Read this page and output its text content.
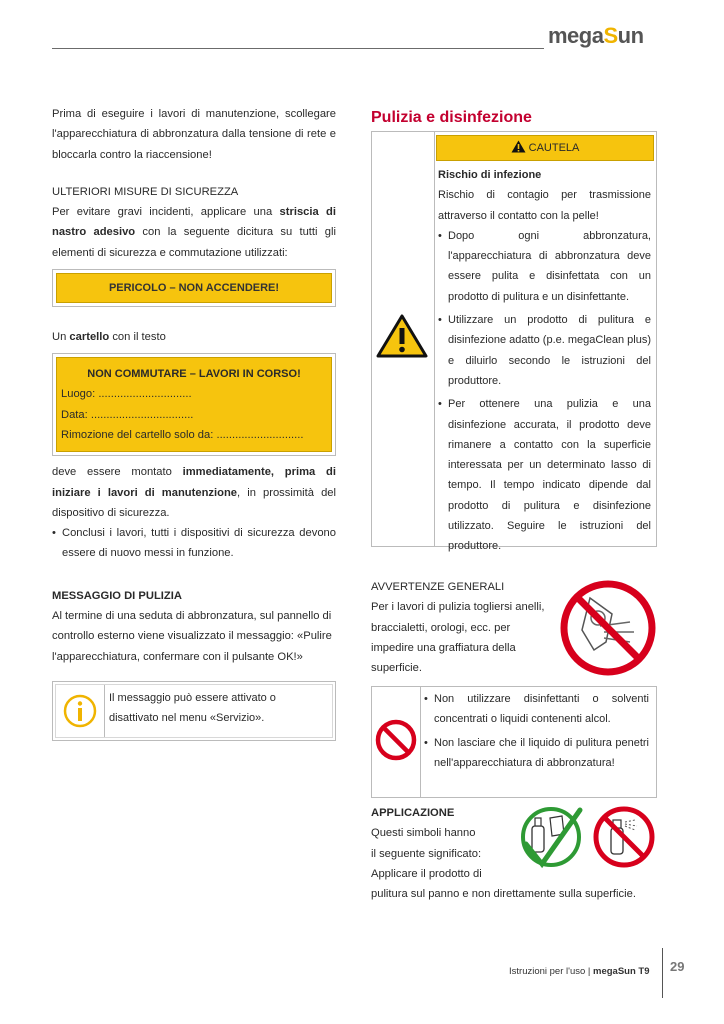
megaSun

Prima di eseguire i lavori di manutenzione, scollegare l'apparecchiatura di abbronzatura dalla tensione di rete e bloccarla contro la riaccensione!

ULTERIORI MISURE DI SICUREZZA

Per evitare gravi incidenti, applicare una striscia di nastro adesivo con la seguente dicitura su tutti gli elementi di sicurezza e commutazione utilizzati:

PERICOLO – NON ACCENDERE!

Un cartello con il testo

NON COMMUTARE – LAVORI IN CORSO!
Luogo: ..............................
Data: .................................
Rimozione del cartello solo da: ............................

deve essere montato immediatamente, prima di iniziare i lavori di manutenzione, in prossimità del dispositivo di sicurezza.

• Conclusi i lavori, tutti i dispositivi di sicurezza devono essere di nuovo messi in funzione.

MESSAGGIO DI PULIZIA

Al termine di una seduta di abbronzatura, sul pannello di controllo esterno viene visualizzato il messaggio: «Pulire l'apparecchiatura, confermare con il pulsante OK!»

Il messaggio può essere attivato o disattivato nel menu «Servizio».
Pulizia e disinfezione
CAUTELA

Rischio di infezione

Rischio di contagio per trasmissione attraverso il contatto con la pelle!

• Dopo ogni abbronzatura, l'apparecchiatura di abbronzatura deve essere pulita e disinfettata con un prodotto di pulitura e un disinfettante.

• Utilizzare un prodotto di pulitura e disinfezione adatto (p.e. megaClean plus) e diluirlo secondo le istruzioni del produttore.

• Per ottenere una pulizia e una disinfezione accurata, il prodotto deve rimanere a contatto con la superficie interessata per un determinato lasso di tempo. Il tempo indicato dipende dal prodotto di pulitura e disinfezione utilizzato. Seguire le istruzioni del produttore.

AVVERTENZE GENERALI

Per i lavori di pulizia togliersi anelli, braccialetti, orologi, ecc. per impedire una graffiatura della superficie.

• Non utilizzare disinfettanti o solventi concentrati o liquidi contenenti alcol.

• Non lasciare che il liquido di pulitura penetri nell'apparecchiatura di abbronzatura!

APPLICAZIONE

Questi simboli hanno

il seguente significato:

Applicare il prodotto di

pulitura sul panno e non direttamente sulla superficie.

Istruzioni per l'uso | megaSun T9 29
